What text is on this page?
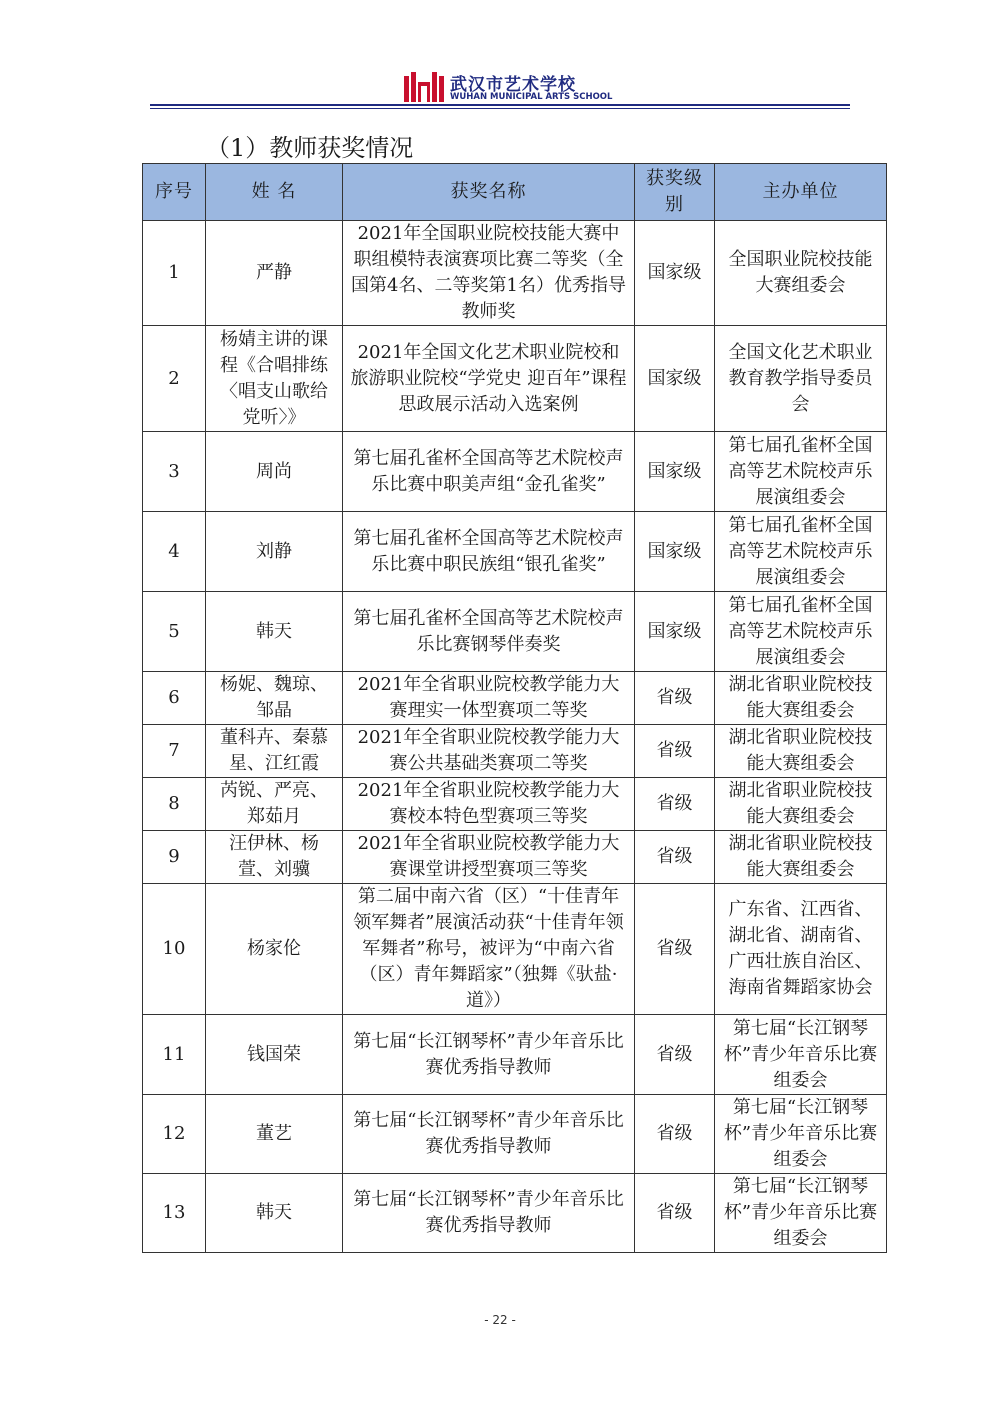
武汉市艺术学校
WUHAN MUNICIPAL ARTS SCHOOL
（1）教师获奖情况
序号	姓 名	获奖名称	获奖级别	主办单位
1	严静	2021年全国职业院校技能大赛中职组模特表演赛项比赛二等奖（全国第4名、二等奖第1名）优秀指导教师奖	国家级	全国职业院校技能大赛组委会
2	杨婧主讲的课程《合唱排练 〈唱支山歌给党听〉》	2021年全国文化艺术职业院校和旅游职业院校“学党史 迎百年”课程思政展示活动入选案例	国家级	全国文化艺术职业教育教学指导委员会
3	周尚	第七届孔雀杯全国高等艺术院校声乐比赛中职美声组“金孔雀奖”	国家级	第七届孔雀杯全国高等艺术院校声乐展演组委会
4	刘静	第七届孔雀杯全国高等艺术院校声乐比赛中职民族组“银孔雀奖”	国家级	第七届孔雀杯全国高等艺术院校声乐展演组委会
5	韩天	第七届孔雀杯全国高等艺术院校声乐比赛钢琴伴奏奖	国家级	第七届孔雀杯全国高等艺术院校声乐展演组委会
6	杨妮、魏琼、邹晶	2021年全省职业院校教学能力大赛理实一体型赛项二等奖	省级	湖北省职业院校技能大赛组委会
7	董科卉、秦慕星、江红霞	2021年全省职业院校教学能力大赛公共基础类赛项二等奖	省级	湖北省职业院校技能大赛组委会
8	芮锐、严亮、郑茹月	2021年全省职业院校教学能力大赛校本特色型赛项三等奖	省级	湖北省职业院校技能大赛组委会
9	汪伊林、杨萱、刘骥	2021年全省职业院校教学能力大赛课堂讲授型赛项三等奖	省级	湖北省职业院校技能大赛组委会
10	杨家伦	第二届中南六省（区）“十佳青年领军舞者”展演活动获“十佳青年领军舞者”称号，被评为“中南六省（区）青年舞蹈家”（独舞《驮盐·道》）	省级	广东省、江西省、湖北省、湖南省、广西壮族自治区、海南省舞蹈家协会
11	钱国荣	第七届“长江钢琴杯”青少年音乐比赛优秀指导教师	省级	第七届“长江钢琴杯”青少年音乐比赛组委会
12	董艺	第七届“长江钢琴杯”青少年音乐比赛优秀指导教师	省级	第七届“长江钢琴杯”青少年音乐比赛组委会
13	韩天	第七届“长江钢琴杯”青少年音乐比赛优秀指导教师	省级	第七届“长江钢琴杯”青少年音乐比赛组委会
- 22 -
